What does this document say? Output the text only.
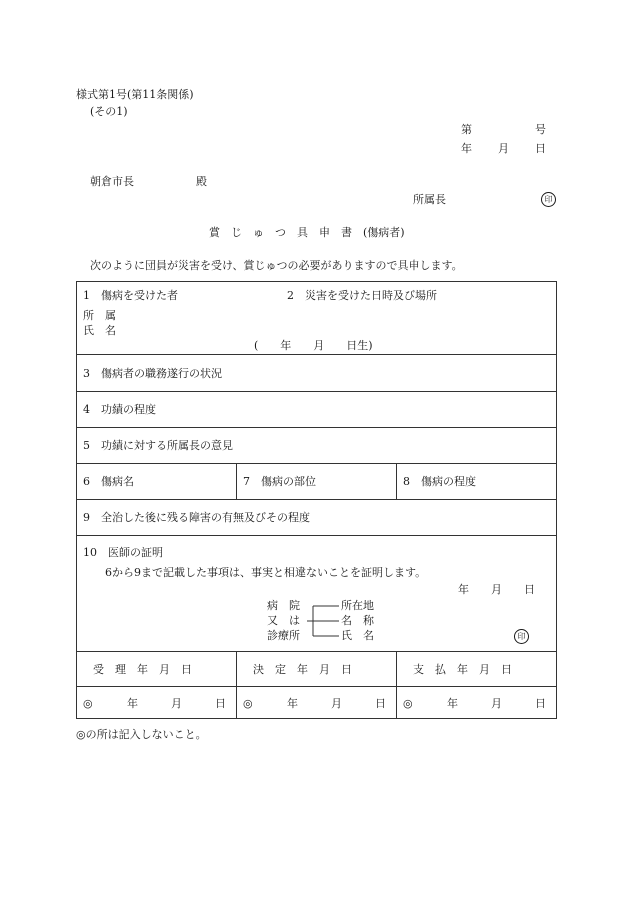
様式第1号(第11条関係)
(その1)
第	号
年 月 日
朝倉市長	殿
所属長	印
賞　じ　ゅ　つ　具　申　書　(傷病者)
次のように団員が災害を受け、賞じゅつの必要がありますので具申します。
1　傷病を受けた者	2　災害を受けた日時及び場所
所　属
氏　名
(　　年　　月　　日生)
3　傷病者の職務遂行の状況
4　功績の程度
5　功績に対する所属長の意見
6　傷病名	7　傷病の部位	8　傷病の程度
9　全治した後に残る障害の有無及びその程度
10　医師の証明
6から9まで記載した事項は、事実と相違ないことを証明します。
年　　月　　日
病　院
又　は
診療所
所在地
名　称
氏　名	印
受　理　年　月　日	決　定　年　月　日	支　払　年　月　日
◎	年　　　月　　　日 ◎	年　　　月　　　日 ◎	年　　　月　　　日
◎の所は記入しないこと。
